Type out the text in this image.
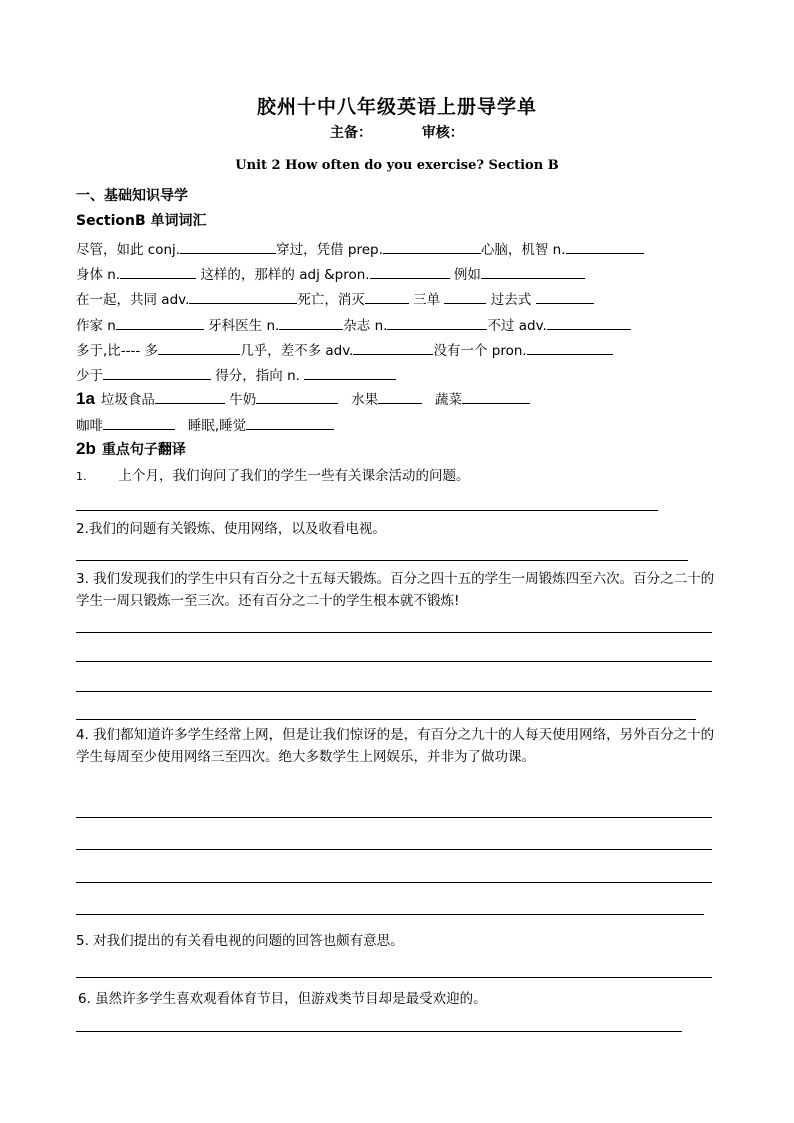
胶州十中八年级英语上册导学单
主备：	审核：
Unit 2 How often do you exercise? Section B
一、基础知识导学
SectionB 单词词汇
尽管，如此 conj.	穿过，凭借 prep.	心脑，机智 n.
身体 n.	这样的，那样的 adj &pron.	例如
在一起，共同 adv.	死亡，消灭	三单	过去式
作家 n	牙科医生 n.	杂志 n.	不过 adv.
多于,比---- 多	几乎，差不多 adv.	没有一个 pron.
少于	得分，指向 n.
1a 垃圾食品	牛奶	水果	蔬菜
咖啡	睡眠,睡觉
2b 重点句子翻译
1. 上个月，我们询问了我们的学生一些有关课余活动的问题。
2.我们的问题有关锻炼、使用网络，以及收看电视。
3. 我们发现我们的学生中只有百分之十五每天锻炼。百分之四十五的学生一周锻炼四至六次。百分之二十的学生一周只锻炼一至三次。还有百分之二十的学生根本就不锻炼!
4. 我们都知道许多学生经常上网，但是让我们惊讶的是，有百分之九十的人每天使用网络，另外百分之十的学生每周至少使用网络三至四次。绝大多数学生上网娱乐，并非为了做功课。
5. 对我们提出的有关看电视的问题的回答也颇有意思。
6. 虽然许多学生喜欢观看体育节目，但游戏类节目却是最受欢迎的。
